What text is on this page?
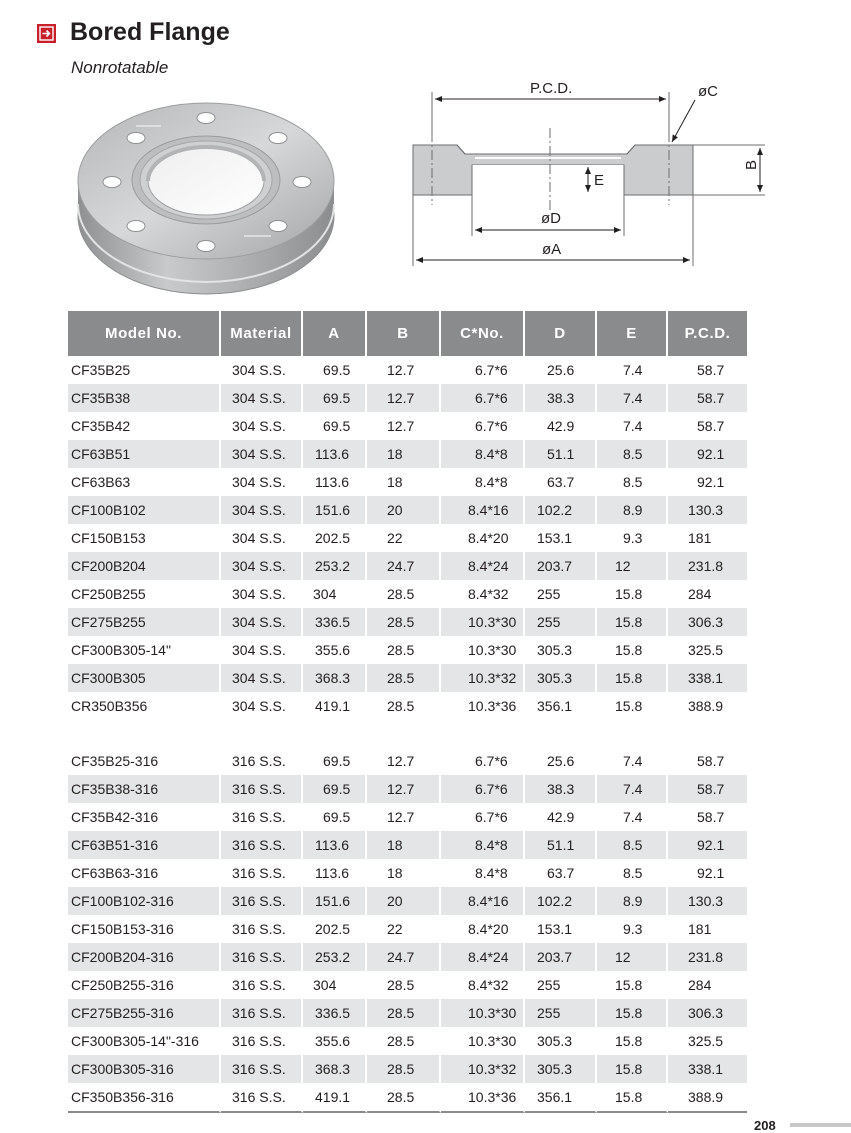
Bored Flange
Nonrotatable
P.C.D.	øC
B
E
øD
øA
Model No.	Material	A	B	C*No.	D	E	P.C.D.
CF35B25	304 S.S.	69.5	12.7	6.7*6	25.6	7.4	58.7
CF35B38	304 S.S.	69.5	12.7	6.7*6	38.3	7.4	58.7
CF35B42	304 S.S.	69.5	12.7	6.7*6	42.9	7.4	58.7
CF63B51	304 S.S.	113.6	18	8.4*8	51.1	8.5	92.1
CF63B63	304 S.S.	113.6	18	8.4*8	63.7	8.5	92.1
CF100B102	304 S.S.	151.6	20	8.4*16	102.2	8.9	130.3
CF150B153	304 S.S.	202.5	22	8.4*20	153.1	9.3	181
CF200B204	304 S.S.	253.2	24.7	8.4*24	203.7	12	231.8
CF250B255	304 S.S.	304	28.5	8.4*32	255	15.8	284
CF275B255	304 S.S.	336.5	28.5	10.3*30	255	15.8	306.3
CF300B305-14"	304 S.S.	355.6	28.5	10.3*30	305.3	15.8	325.5
CF300B305	304 S.S.	368.3	28.5	10.3*32	305.3	15.8	338.1
CR350B356	304 S.S.	419.1	28.5	10.3*36	356.1	15.8	388.9

CF35B25-316	316 S.S.	69.5	12.7	6.7*6	25.6	7.4	58.7
CF35B38-316	316 S.S.	69.5	12.7	6.7*6	38.3	7.4	58.7
CF35B42-316	316 S.S.	69.5	12.7	6.7*6	42.9	7.4	58.7
CF63B51-316	316 S.S.	113.6	18	8.4*8	51.1	8.5	92.1
CF63B63-316	316 S.S.	113.6	18	8.4*8	63.7	8.5	92.1
CF100B102-316	316 S.S.	151.6	20	8.4*16	102.2	8.9	130.3
CF150B153-316	316 S.S.	202.5	22	8.4*20	153.1	9.3	181
CF200B204-316	316 S.S.	253.2	24.7	8.4*24	203.7	12	231.8
CF250B255-316	316 S.S.	304	28.5	8.4*32	255	15.8	284
CF275B255-316	316 S.S.	336.5	28.5	10.3*30	255	15.8	306.3
CF300B305-14"-316	316 S.S.	355.6	28.5	10.3*30	305.3	15.8	325.5
CF300B305-316	316 S.S.	368.3	28.5	10.3*32	305.3	15.8	338.1
CF350B356-316	316 S.S.	419.1	28.5	10.3*36	356.1	15.8	388.9
208
